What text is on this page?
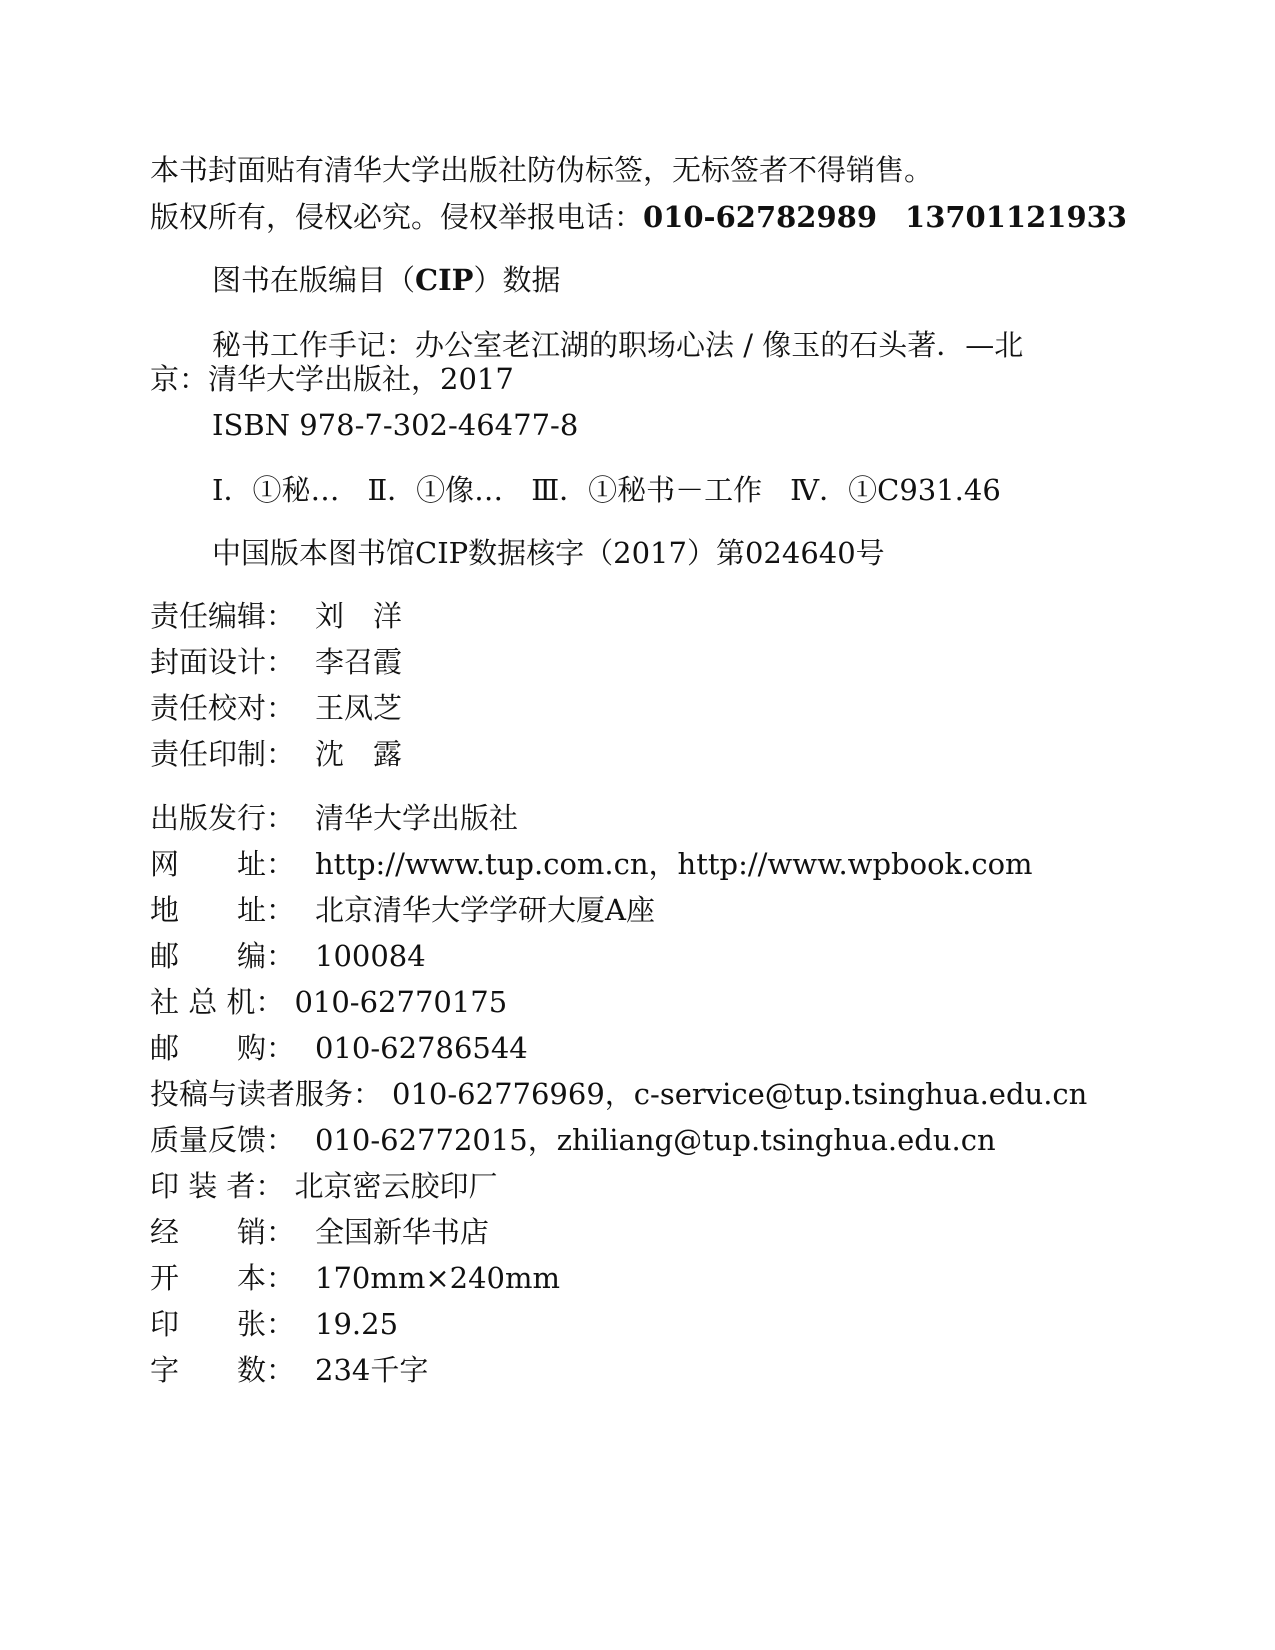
本书封面贴有清华大学出版社防伪标签，无标签者不得销售。
版权所有，侵权必究。侵权举报电话：010-62782989 13701121933
图书在版编目（CIP）数据
秘书工作手记：办公室老江湖的职场心法 / 像玉的石头著．—北
京：清华大学出版社，2017
ISBN 978-7-302-46477-8
Ⅰ．①秘… Ⅱ．①像… Ⅲ．①秘书－工作 Ⅳ．①C931.46
中国版本图书馆CIP数据核字（2017）第024640号
责任编辑： 刘　洋
封面设计： 李召霞
责任校对： 王凤芝
责任印制： 沈　露
出版发行： 清华大学出版社
网　　址： http://www.tup.com.cn，http://www.wpbook.com
地　　址： 北京清华大学学研大厦A座
邮　　编： 100084
社 总 机： 010-62770175
邮　　购： 010-62786544
投稿与读者服务： 010-62776969，c-service@tup.tsinghua.edu.cn
质量反馈： 010-62772015，zhiliang@tup.tsinghua.edu.cn
印 装 者： 北京密云胶印厂
经　　销： 全国新华书店
开　　本： 170mm×240mm
印　　张： 19.25
字　　数： 234千字
